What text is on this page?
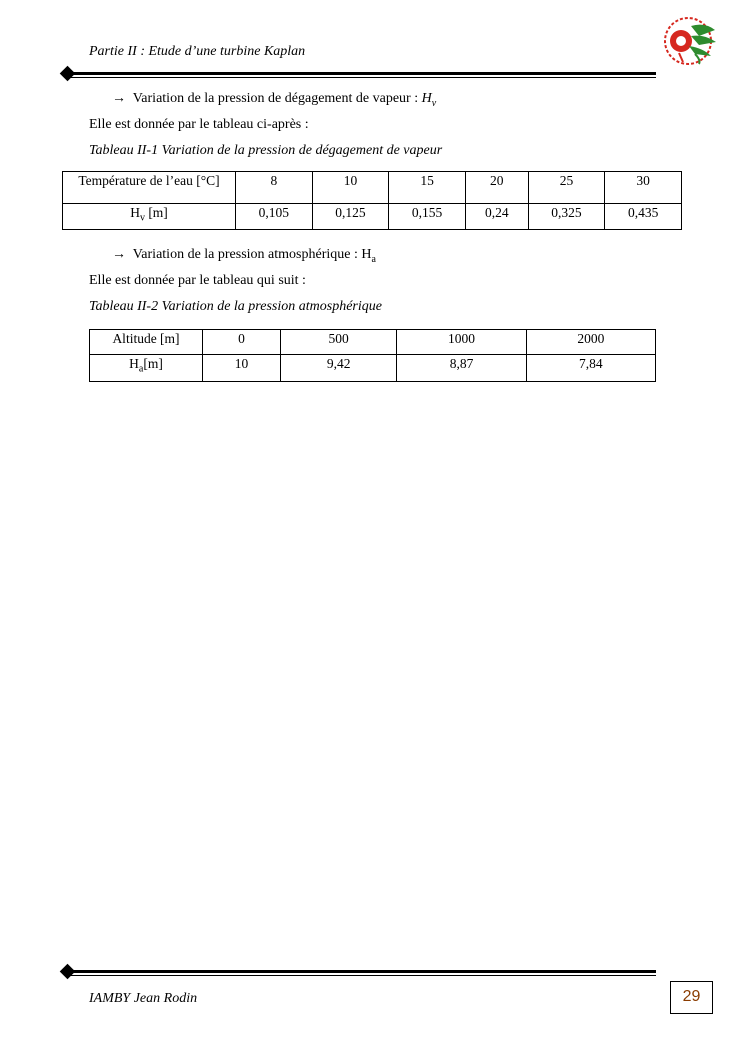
Partie II : Etude d’une turbine Kaplan
→ Variation de la pression de dégagement de vapeur : $H_v$
Elle est donnée par le tableau ci-après :
Tableau II-1 Variation de la pression de dégagement de vapeur
Température de l’eau [°C]	8	10	15	20	25	30
$H_v$ [m]	0,105	0,125	0,155	0,24	0,325	0,435
→ Variation de la pression atmosphérique : $H_a$
Elle est donnée par le tableau qui suit :
Tableau II-2 Variation de la pression atmosphérique
Altitude [m]	0	500	1000	2000
$H_a[m]$	10	9,42	8,87	7,84
IAMBY Jean Rodin	29
